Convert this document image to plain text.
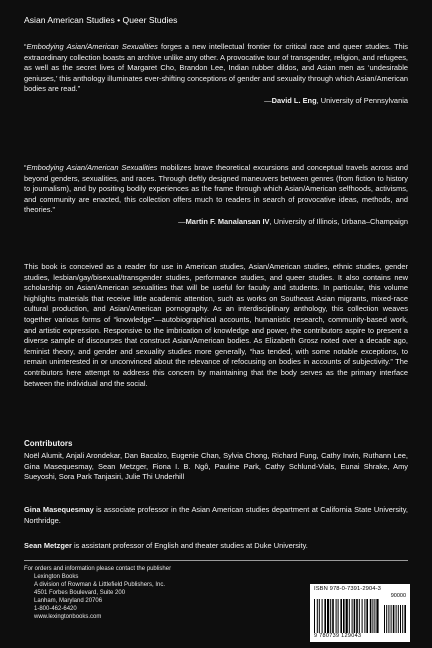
Asian American Studies • Queer Studies
“Embodying Asian/American Sexualities forges a new intellectual frontier for critical race and queer studies. This extraordinary collection boasts an archive unlike any other. A provocative tour of transgender, religion, and refugees, as well as the secret lives of Margaret Cho, Brandon Lee, Indian rubber dildos, and Asian men as ‘undesirable geniuses,’ this anthology illuminates ever-shifting conceptions of gender and sexuality through which Asian/American bodies are read.”
—David L. Eng, University of Pennsylvania
“Embodying Asian/American Sexualities mobilizes brave theoretical excursions and conceptual travels across and beyond genders, sexualities, and races. Through deftly designed maneuvers between genres (from fiction to history to journalism), and by positing bodily experiences as the frame through which Asian/American selfhoods, activisms, and community are enacted, this collection offers much to readers in search of provocative ideas, methods, and theories.”
—Martin F. Manalansan IV, University of Illinois, Urbana–Champaign
This book is conceived as a reader for use in American studies, Asian/American studies, ethnic studies, gender studies, lesbian/gay/bisexual/transgender studies, performance studies, and queer studies. It also contains new scholarship on Asian/American sexualities that will be useful for faculty and students. In particular, this volume highlights materials that receive little academic attention, such as works on Southeast Asian migrants, mixed-race cultural production, and Asian/American pornography. As an interdisciplinary anthology, this collection weaves together various forms of “knowledge”—autobiographical accounts, humanistic research, community-based work, and artistic expression. Responsive to the imbrication of knowledge and power, the contributors aspire to present a diverse sample of discourses that construct Asian/American bodies. As Elizabeth Grosz noted over a decade ago, feminist theory, and gender and sexuality studies more generally, “has tended, with some notable exceptions, to remain uninterested in or unconvinced about the relevance of refocusing on bodies in accounts of subjectivity.” The contributors here attempt to address this concern by maintaining that the body serves as the primary interface between the individual and the social.
Contributors
Noël Alumit, Anjali Arondekar, Dan Bacalzo, Eugenie Chan, Sylvia Chong, Richard Fung, Cathy Irwin, Ruthann Lee, Gina Masequesmay, Sean Metzger, Fiona I. B. Ngô, Pauline Park, Cathy Schlund-Vials, Eunai Shrake, Amy Sueyoshi, Sora Park Tanjasiri, Julie Thi Underhill
Gina Masequesmay is associate professor in the Asian American studies department at California State University, Northridge.
Sean Metzger is assistant professor of English and theater studies at Duke University.
For orders and information please contact the publisher
Lexington Books
A division of Rowman & Littlefield Publishers, Inc.
4501 Forbes Boulevard, Suite 200
Lanham, Maryland 20706
1-800-462-6420
www.lexingtonbooks.com
ISBN 978-0-7391-2904-3
90000
9 780739 129043
